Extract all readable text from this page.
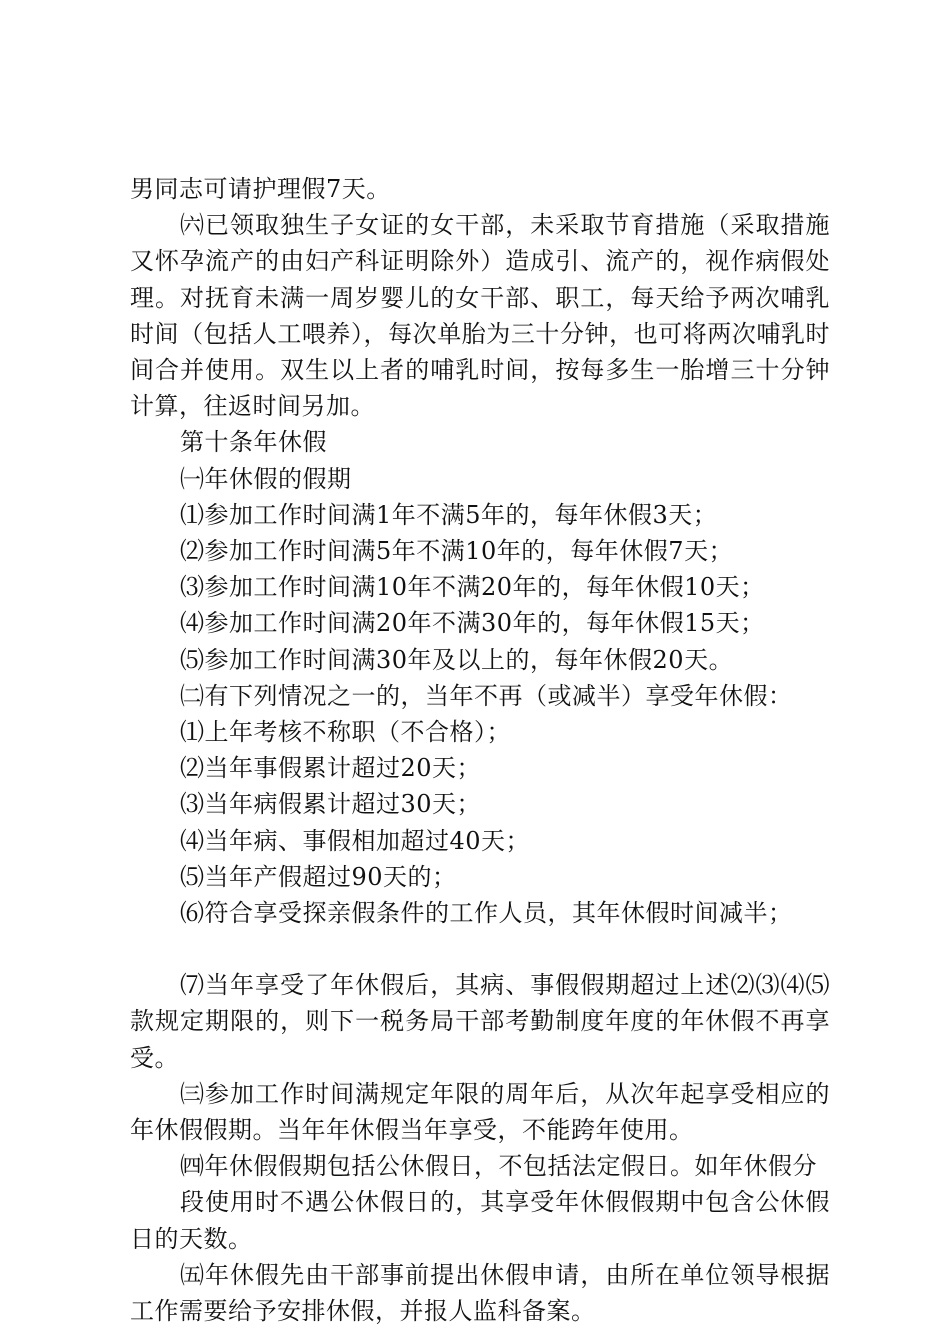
男同志可请护理假7天。

㈥已领取独生子女证的女干部，未采取节育措施（采取措施又怀孕流产的由妇产科证明除外）造成引、流产的，视作病假处理。对抚育未满一周岁婴儿的女干部、职工，每天给予两次哺乳时间（包括人工喂养），每次单胎为三十分钟，也可将两次哺乳时间合并使用。双生以上者的哺乳时间，按每多生一胎增三十分钟计算，往返时间另加。

第十条年休假

㈠年休假的假期

⑴参加工作时间满1年不满5年的，每年休假3天；

⑵参加工作时间满5年不满10年的，每年休假7天；

⑶参加工作时间满10年不满20年的，每年休假10天；

⑷参加工作时间满20年不满30年的，每年休假15天；

⑸参加工作时间满30年及以上的，每年休假20天。

㈡有下列情况之一的，当年不再（或减半）享受年休假：

⑴上年考核不称职（不合格）；

⑵当年事假累计超过20天；

⑶当年病假累计超过30天；

⑷当年病、事假相加超过40天；

⑸当年产假超过90天的；

⑹符合享受探亲假条件的工作人员，其年休假时间减半；

⑺当年享受了年休假后，其病、事假假期超过上述⑵⑶⑷⑸款规定期限的，则下一税务局干部考勤制度年度的年休假不再享受。

㈢参加工作时间满规定年限的周年后，从次年起享受相应的年休假假期。当年年休假当年享受，不能跨年使用。

㈣年休假假期包括公休假日，不包括法定假日。如年休假分

段使用时不遇公休假日的，其享受年休假假期中包含公休假日的天数。

㈤年休假先由干部事前提出休假申请，由所在单位领导根据工作需要给予安排休假，并报人监科备案。
